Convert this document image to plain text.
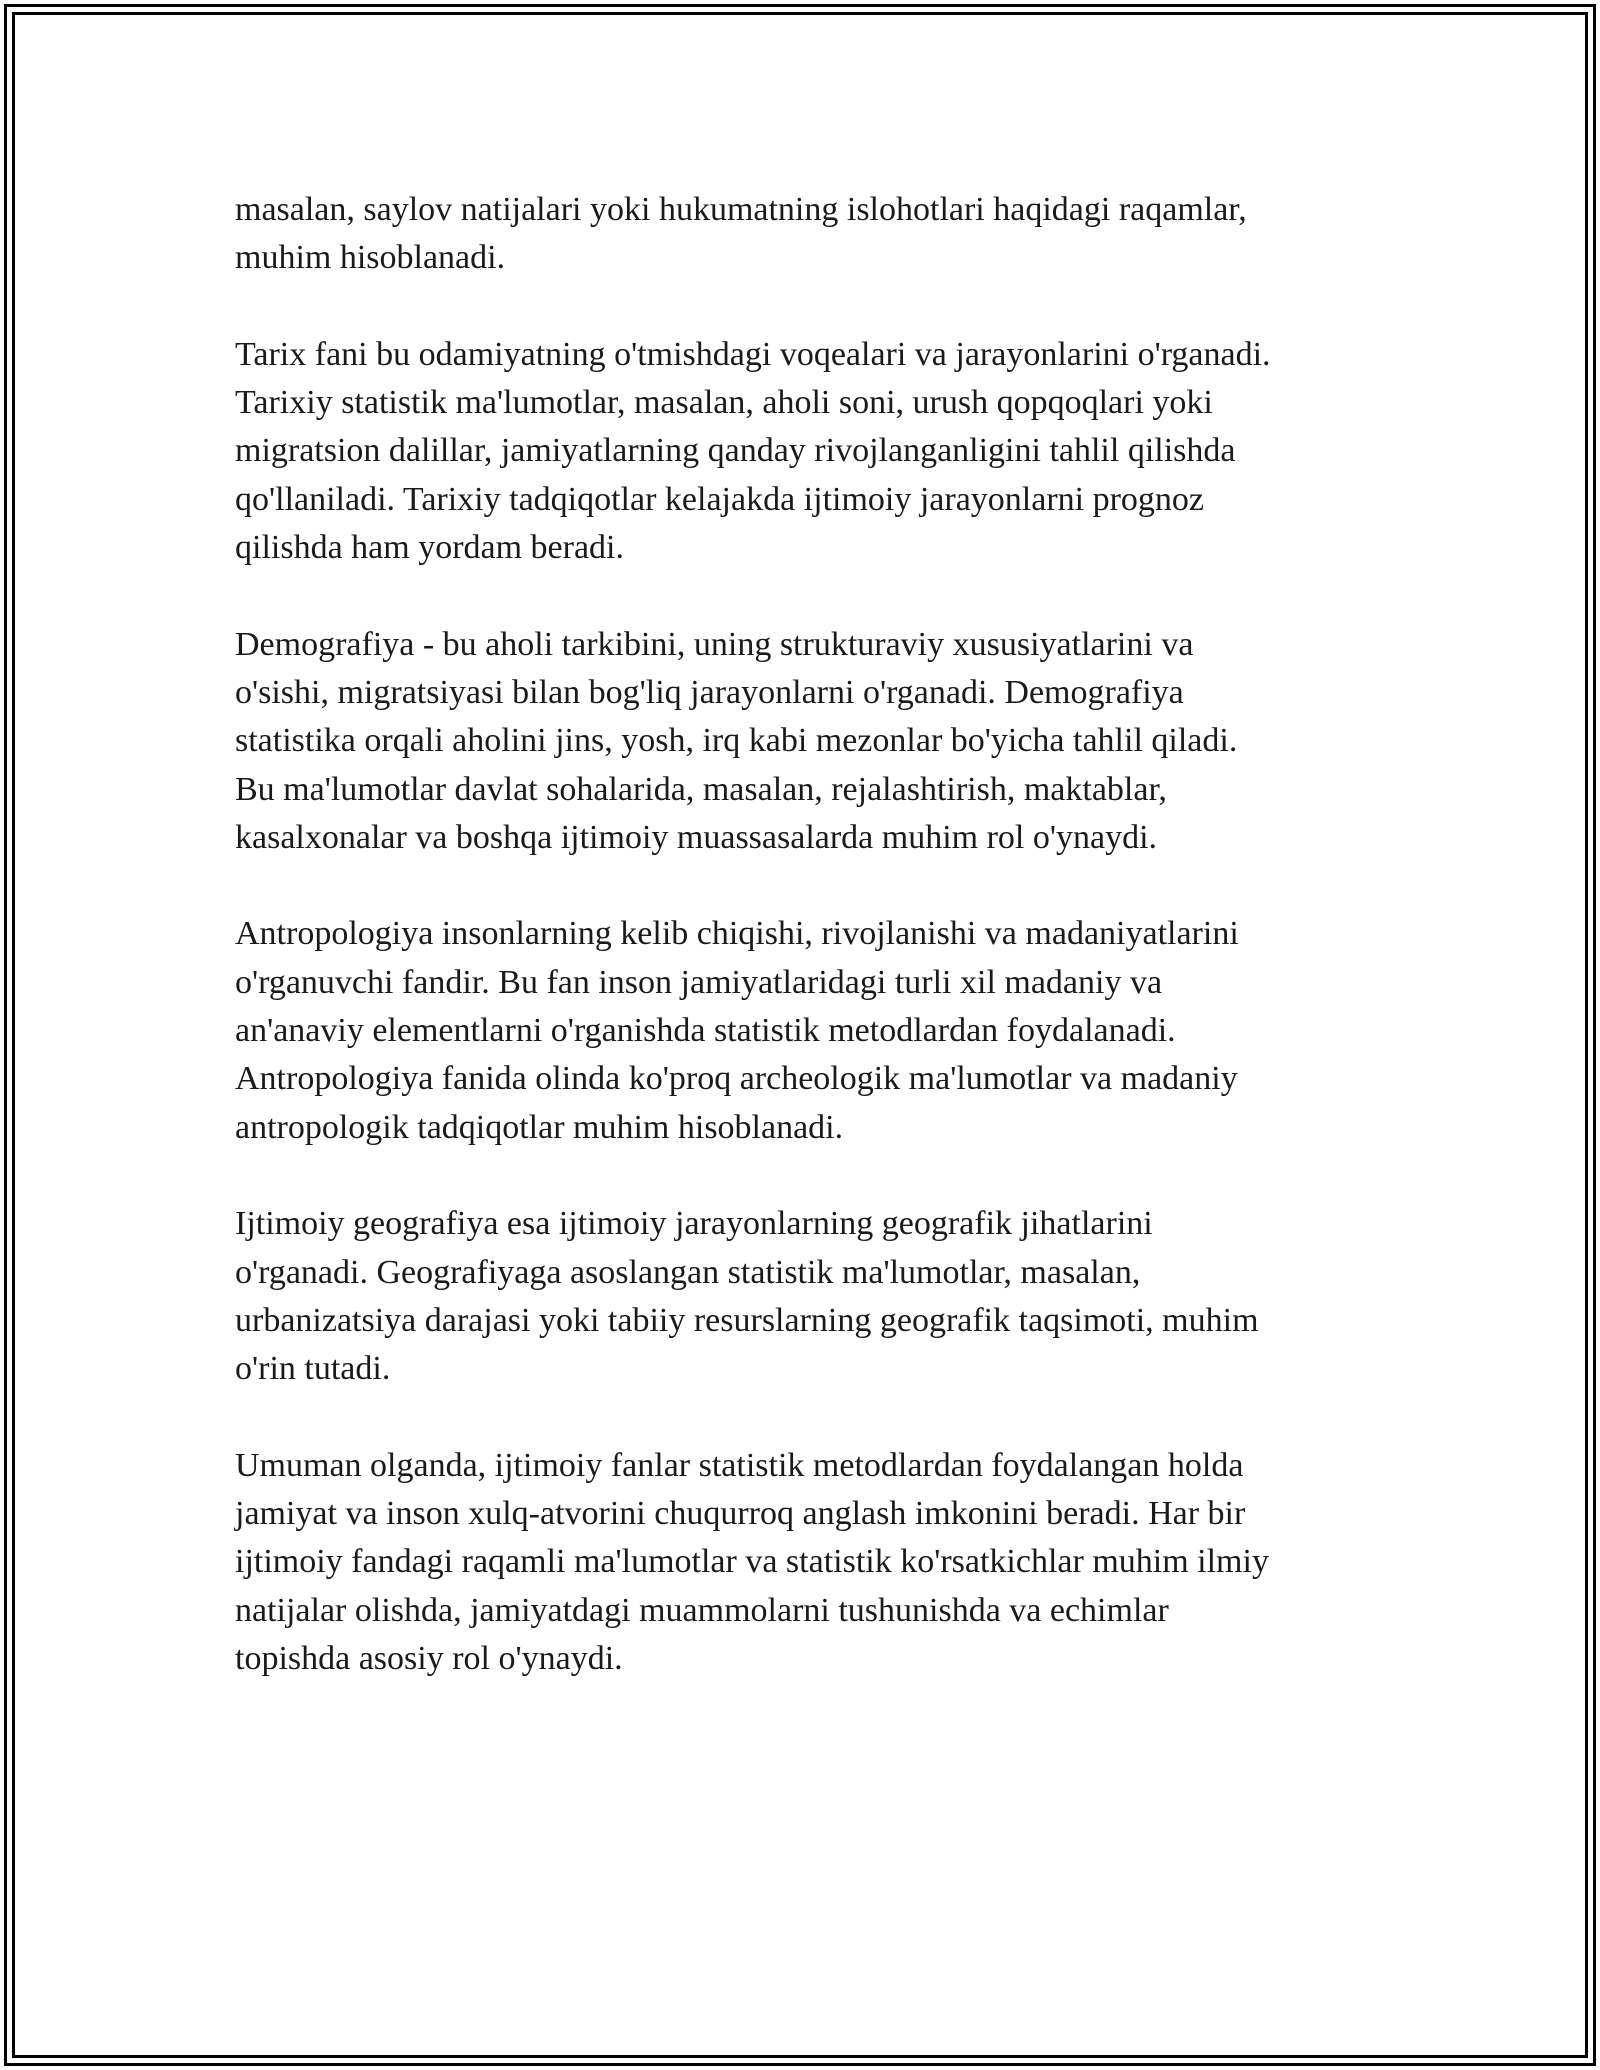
masalan, saylov natijalari yoki hukumatning islohotlari haqidagi raqamlar,
muhim hisoblanadi.

Tarix fani bu odamiyatning o'tmishdagi voqealari va jarayonlarini o'rganadi.
Tarixiy statistik ma'lumotlar, masalan, aholi soni, urush qopqoqlari yoki
migratsion dalillar, jamiyatlarning qanday rivojlanganligini tahlil qilishda
qo'llaniladi. Tarixiy tadqiqotlar kelajakda ijtimoiy jarayonlarni prognoz
qilishda ham yordam beradi.

Demografiya - bu aholi tarkibini, uning strukturaviy xususiyatlarini va
o'sishi, migratsiyasi bilan bog'liq jarayonlarni o'rganadi. Demografiya
statistika orqali aholini jins, yosh, irq kabi mezonlar bo'yicha tahlil qiladi.
Bu ma'lumotlar davlat sohalarida, masalan, rejalashtirish, maktablar,
kasalxonalar va boshqa ijtimoiy muassasalarda muhim rol o'ynaydi.

Antropologiya insonlarning kelib chiqishi, rivojlanishi va madaniyatlarini
o'rganuvchi fandir. Bu fan inson jamiyatlaridagi turli xil madaniy va
an'anaviy elementlarni o'rganishda statistik metodlardan foydalanadi.
Antropologiya fanida olinda ko'proq archeologik ma'lumotlar va madaniy
antropologik tadqiqotlar muhim hisoblanadi.

Ijtimoiy geografiya esa ijtimoiy jarayonlarning geografik jihatlarini
o'rganadi. Geografiyaga asoslangan statistik ma'lumotlar, masalan,
urbanizatsiya darajasi yoki tabiiy resurslarning geografik taqsimoti, muhim
o'rin tutadi.

Umuman olganda, ijtimoiy fanlar statistik metodlardan foydalangan holda
jamiyat va inson xulq-atvorini chuqurroq anglash imkonini beradi. Har bir
ijtimoiy fandagi raqamli ma'lumotlar va statistik ko'rsatkichlar muhim ilmiy
natijalar olishda, jamiyatdagi muammolarni tushunishda va echimlar
topishda asosiy rol o'ynaydi.
